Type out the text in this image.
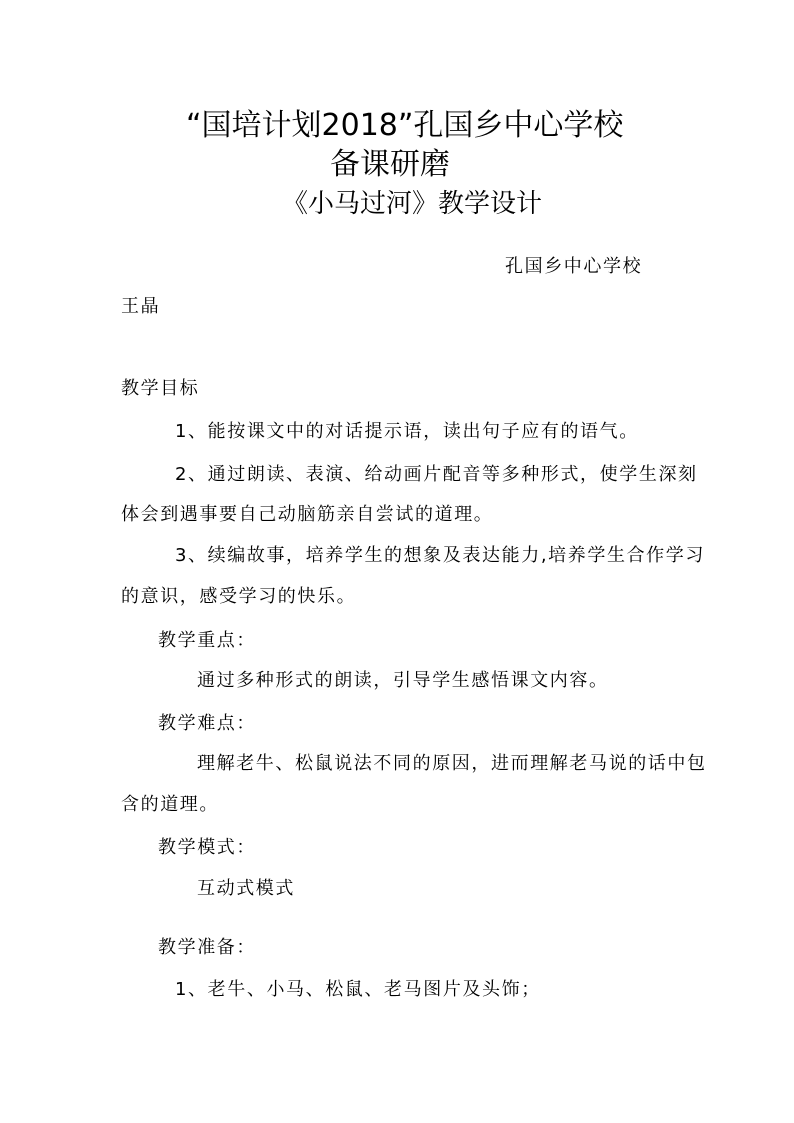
“国培计划2018”孔国乡中心学校
备课研磨
《小马过河》教学设计
孔国乡中心学校
王晶
教学目标
1、能按课文中的对话提示语，读出句子应有的语气。
2、通过朗读、表演、给动画片配音等多种形式，使学生深刻
体会到遇事要自己动脑筋亲自尝试的道理。
3、续编故事，培养学生的想象及表达能力,培养学生合作学习
的意识，感受学习的快乐。
教学重点：
通过多种形式的朗读，引导学生感悟课文内容。
教学难点：
理解老牛、松鼠说法不同的原因，进而理解老马说的话中包
含的道理。
教学模式：
互动式模式
教学准备：
1、老牛、小马、松鼠、老马图片及头饰；
